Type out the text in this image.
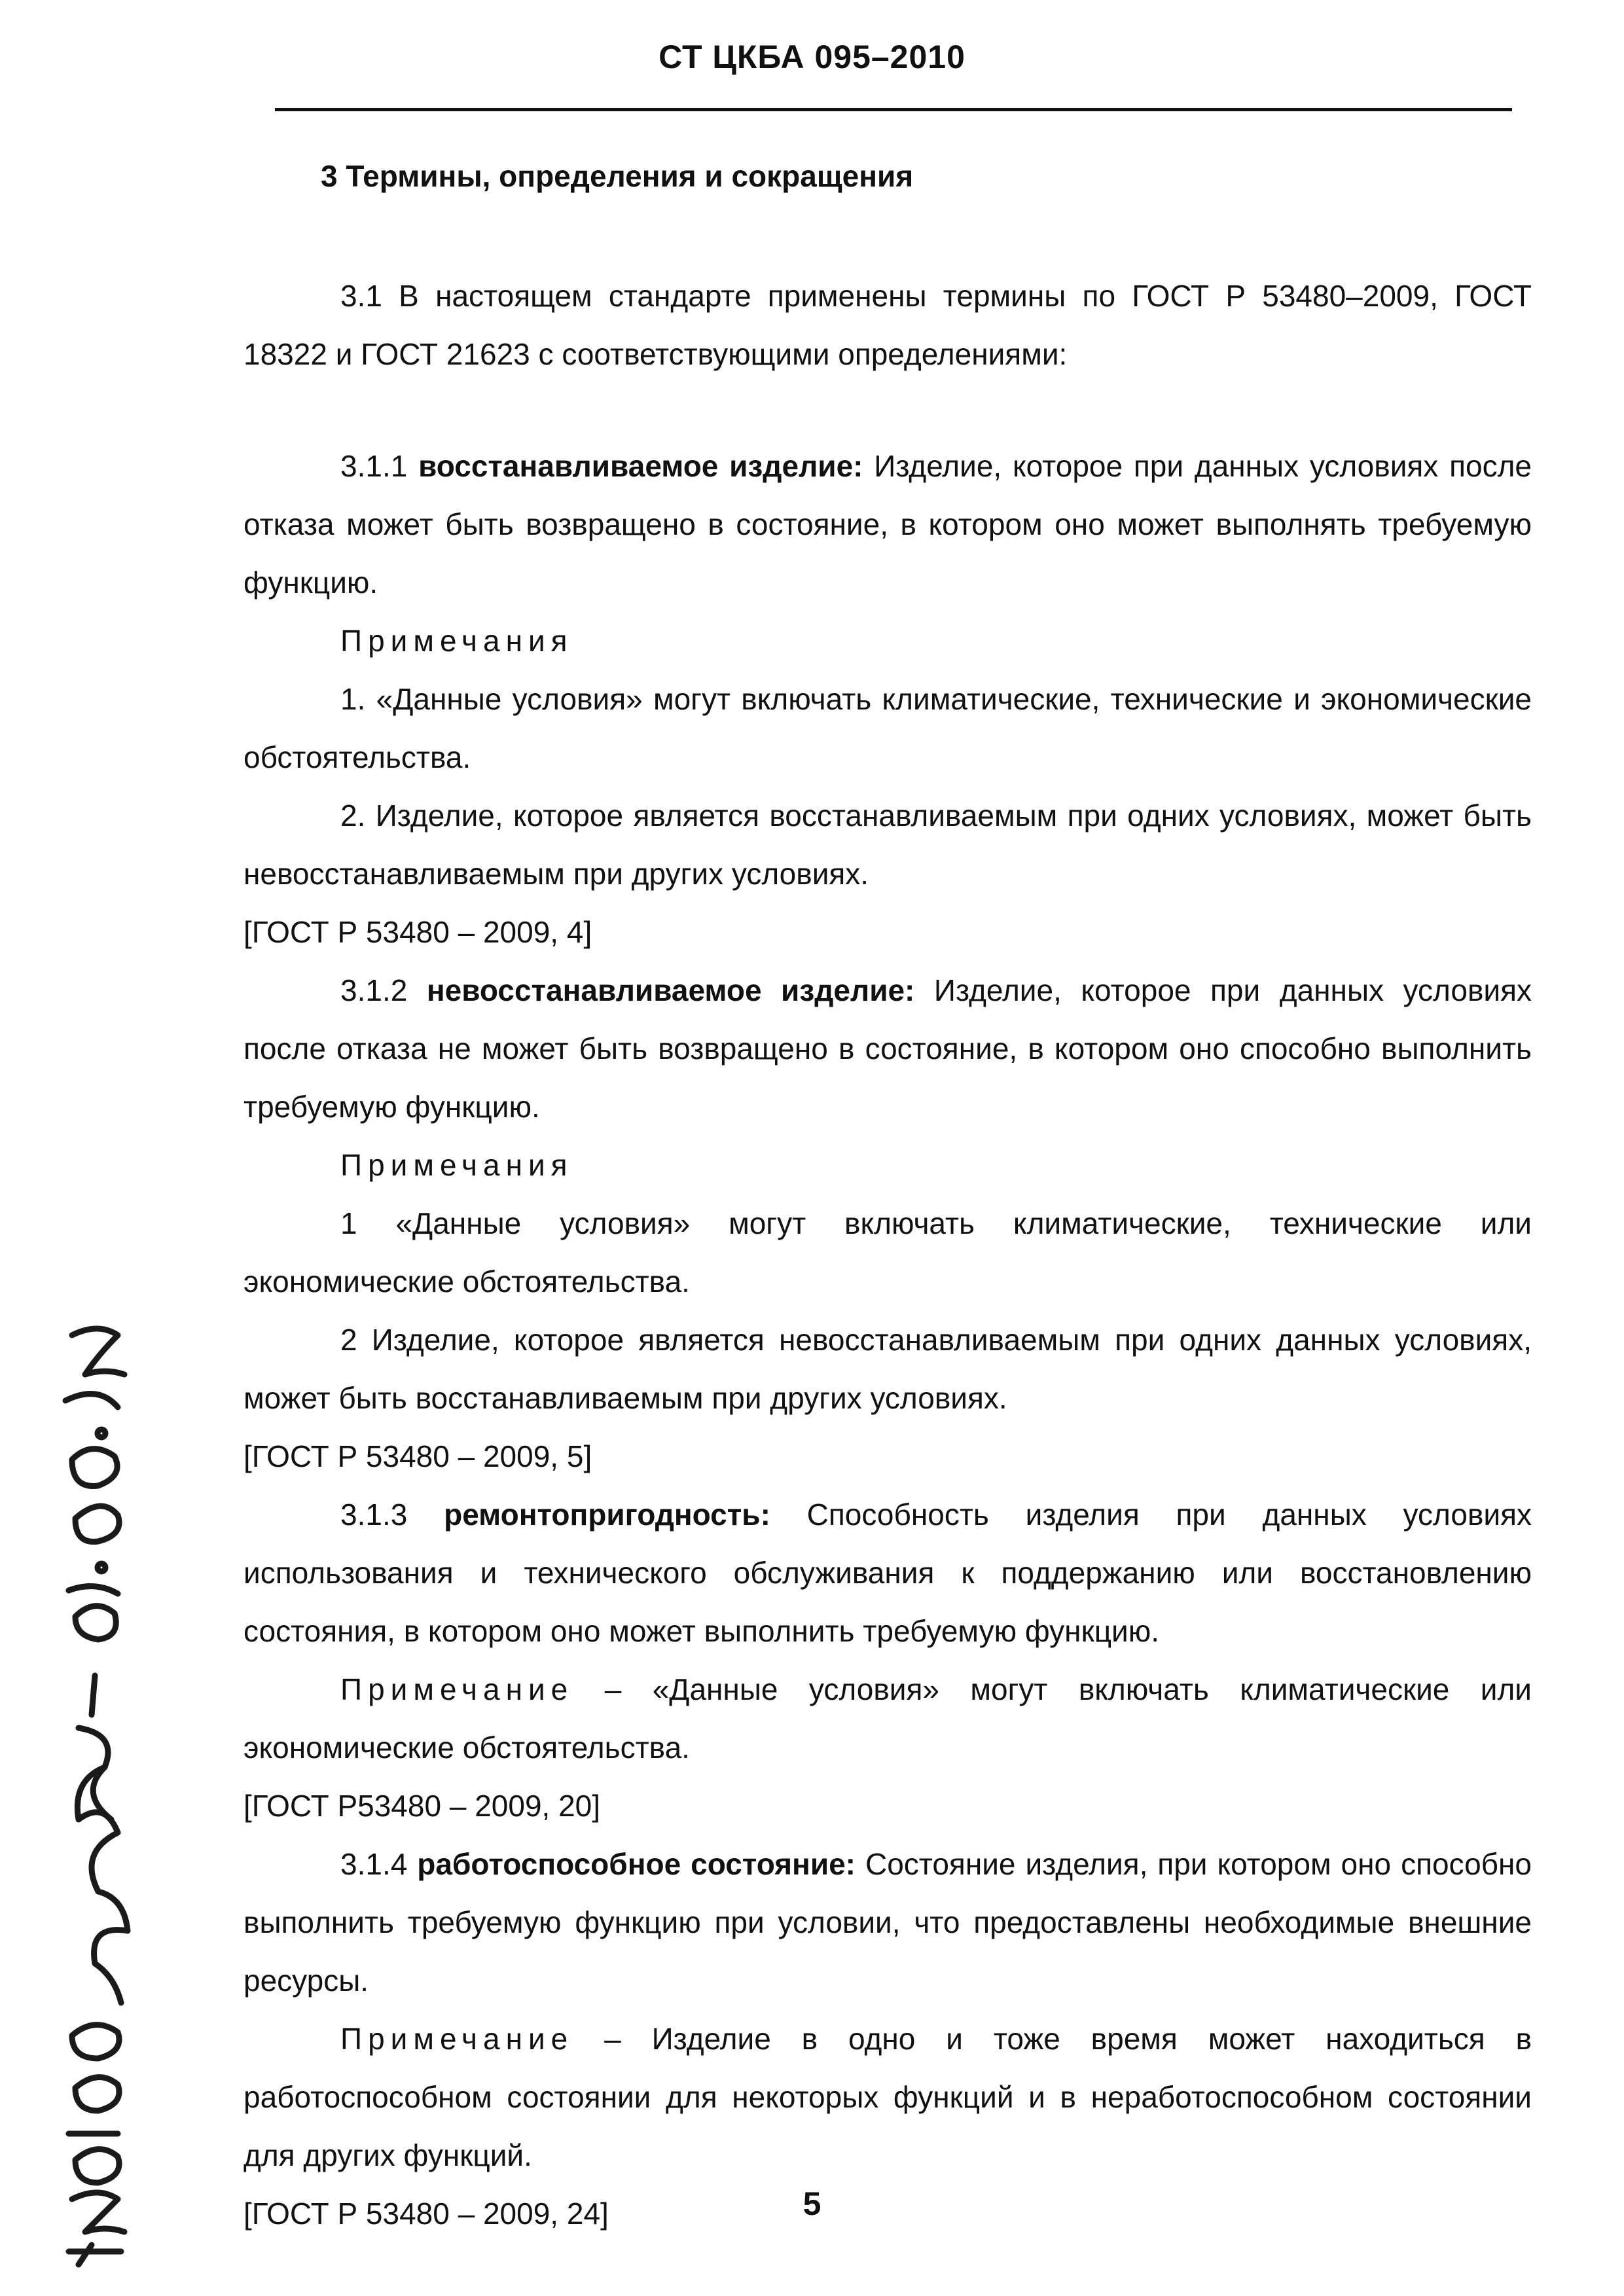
СТ ЦКБА 095–2010

3 Термины, определения и сокращения

3.1 В настоящем стандарте применены термины по ГОСТ Р 53480–2009, ГОСТ 18322 и ГОСТ 21623 с соответствующими определениями:

3.1.1 восстанавливаемое изделие: Изделие, которое при данных условиях после отказа может быть возвращено в состояние, в котором оно может выполнять требуемую функцию.

Примечания

1. «Данные условия» могут включать климатические, технические и экономические обстоятельства.

2. Изделие, которое является восстанавливаемым при одних условиях, может быть невосстанавливаемым при других условиях.

[ГОСТ Р 53480 – 2009, 4]

3.1.2 невосстанавливаемое изделие: Изделие, которое при данных условиях после отказа не может быть возвращено в состояние, в котором оно способно выполнить требуемую функцию.

Примечания

1 «Данные условия» могут включать климатические, технические или экономические обстоятельства.

2 Изделие, которое является невосстанавливаемым при одних данных условиях, может быть восстанавливаемым при других условиях.

[ГОСТ Р 53480 – 2009, 5]

3.1.3 ремонтопригодность: Способность изделия при данных условиях использования и технического обслуживания к поддержанию или восстановлению состояния, в котором оно может выполнить требуемую функцию.

Примечание – «Данные условия» могут включать климатические или экономические обстоятельства.

[ГОСТ Р53480 – 2009, 20]

3.1.4 работоспособное состояние: Состояние изделия, при котором оно способно выполнить требуемую функцию при условии, что предоставлены необходимые внешние ресурсы.

Примечание – Изделие в одно и тоже время может находиться в работоспособном состоянии для некоторых функций и в неработоспособном состоянии для других функций.

[ГОСТ Р 53480 – 2009, 24]	5
